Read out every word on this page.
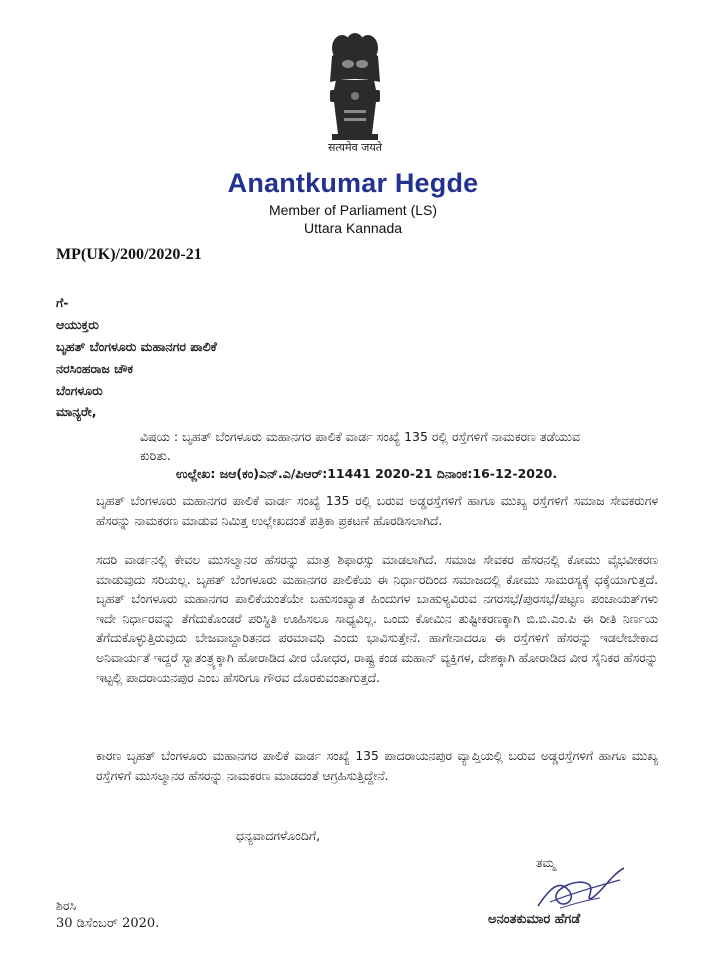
सत्यमेव जयते
Anantkumar Hegde
Member of Parliament (LS)
Uttara Kannada
MP(UK)/200/2020-21
ಗೆ-
ಆಯುಕ್ತರು
ಬೃಹತ್ ಬೆಂಗಳೂರು ಮಹಾನಗರ ಪಾಲಿಕೆ
ನರಸಿಂಹರಾಜ ಚೌಕ
ಬೆಂಗಳೂರು
ಮಾನ್ಯರೇ,
ವಿಷಯ : ಬೃಹತ್ ಬೆಂಗಳೂರು ಮಹಾನಗರ ಪಾಲಿಕೆ ವಾರ್ಡ ಸಂಖ್ಯೆ 135 ರಲ್ಲಿ ರಸ್ತೆಗಳಿಗೆ ನಾಮಕರಣ ತಡೆಯುವ ಕುರಿತು.
ಉಲ್ಲೇಖ: ಜಆ(ಕಂ)ಎನ್.ಎ/ಪಿಆರ್:11441 2020-21 ದಿನಾಂಕ:16-12-2020.
ಬೃಹತ್ ಬೆಂಗಳೂರು ಮಹಾನಗರ ಪಾಲಿಕೆ ವಾರ್ಡ ಸಂಖ್ಯೆ 135 ರಲ್ಲಿ ಬರುವ ಅಡ್ಡರಸ್ತೆಗಳಿಗೆ ಹಾಗೂ ಮುಖ್ಯ ರಸ್ತೆಗಳಿಗೆ ಸಮಾಜ ಸೇವಕರುಗಳ ಹೆಸರನ್ನು ನಾಮಕರಣ ಮಾಡುವ ನಿಮಿತ್ತ ಉಲ್ಲೇಖದಂತೆ ಪತ್ರಿಕಾ ಪ್ರಕಟಣೆ ಹೊರಡಿಸಲಾಗಿದೆ.
ಸದರಿ ವಾರ್ಡನಲ್ಲಿ ಕೇವಲ ಮುಸಲ್ಮಾನರ ಹೆಸರನ್ನು ಮಾತ್ರ ಶಿಫಾರಸ್ಸು ಮಾಡಲಾಗಿದೆ. ಸಮಾಜ ಸೇವಕರ ಹೆಸರನಲ್ಲಿ ಕೋಮು ವೈಭವೀಕರಣ ಮಾಡುವುದು ಸರಿಯಲ್ಲ. ಬೃಹತ್ ಬೆಂಗಳೂರು ಮಹಾನಗರ ಪಾಲಿಕೆಯ ಈ ನಿರ್ಧಾರದಿಂದ ಸಮಾಜದಲ್ಲಿ ಕೋಮು ಸಾಮರಸ್ಯಕ್ಕೆ ಧಕ್ಕೆಯಾಗುತ್ತದೆ. ಬೃಹತ್ ಬೆಂಗಳೂರು ಮಹಾನಗರ ಪಾಲಿಕೆಯಂತೆಯೇ ಬಹುಸಂಖ್ಯಾತ ಹಿಂದುಗಳ ಬಾಹುಳ್ಯವಿರುವ ನಗರಸಭೆ/ಪುರಸಭೆ/ಪಟ್ಟಣ ಪಂಚಾಯತ್‌ಗಳು ಇದೇ ನಿರ್ಧಾರವನ್ನು ತೆಗೆದುಕೊಂಡರೆ ಪರಿಸ್ಥಿತಿ ಊಹಿಸಲೂ ಸಾಧ್ಯವಿಲ್ಲ. ಒಂದು ಕೋಮಿನ ತುಷ್ಟೀಕರಣಕ್ಕಾಗಿ ಬಿ.ಬಿ.ಎಂ.ಪಿ ಈ ರೀತಿ ನಿರ್ಣಯ ತೆಗೆದುಕೊಳ್ಳುತ್ತಿರುವುದು ಬೇಜವಾಬ್ದಾರಿತನದ ಪರಮಾವಧಿ ಎಂದು ಭಾವಿಸುತ್ತೇನೆ. ಹಾಗೇನಾದರೂ ಈ ರಸ್ತೆಗಳಿಗೆ ಹೆಸರನ್ನು ಇಡಲೇಬೇಕಾದ ಅನಿವಾರ್ಯತೆ ಇದ್ದರೆ ಸ್ವಾತಂತ್ರ್ಯಕ್ಕಾಗಿ ಹೋರಾಡಿದ ವೀರ ಯೋಧರ, ರಾಷ್ಟ್ರ ಕಂಡ ಮಹಾನ್ ವ್ಯಕ್ತಿಗಳ, ದೇಶಕ್ಕಾಗಿ ಹೋರಾಡಿದ ವೀರ ಸೈನಿಕರ ಹೆಸರನ್ನು ಇಟ್ಟಲ್ಲಿ ಪಾದರಾಯನಪುರ ಎಂಬ ಹೆಸರಿಗೂ ಗೌರವ ದೊರಕುವಂತಾಗುತ್ತದೆ.
ಕಾರಣ ಬೃಹತ್ ಬೆಂಗಳೂರು ಮಹಾನಗರ ಪಾಲಿಕೆ ವಾರ್ಡ ಸಂಖ್ಯೆ 135 ಪಾದರಾಯನಪುರ ವ್ಯಾಪ್ತಿಯಲ್ಲಿ ಬರುವ ಅಡ್ಡರಸ್ತೆಗಳಿಗೆ ಹಾಗೂ ಮುಖ್ಯ ರಸ್ತೆಗಳಿಗೆ ಮುಸಲ್ಮಾನರ ಹೆಸರನ್ನು ನಾಮಕರಣ ಮಾಡದಂತೆ ಆಗ್ರಹಿಸುತ್ತಿದ್ದೇನೆ.
ಧನ್ಯವಾದಗಳೊಂದಿಗೆ,
ತಮ್ಮ
ಶಿರಸಿ
30 ಡಿಸೆಂಬರ್ 2020.	ಅನಂತಕುಮಾರ ಹೆಗಡೆ
